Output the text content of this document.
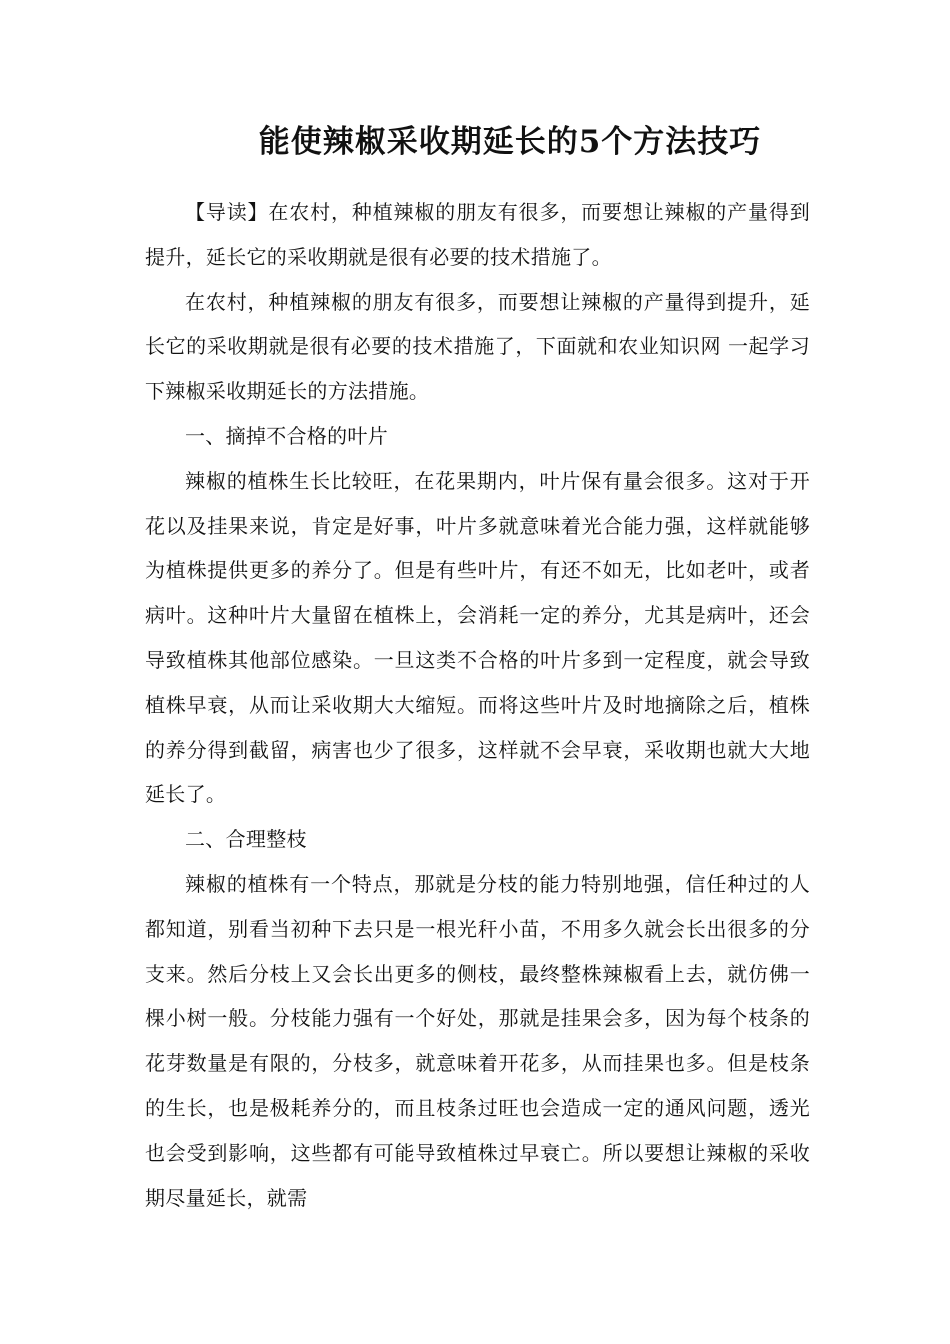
能使辣椒采收期延长的5个方法技巧

【导读】在农村，种植辣椒的朋友有很多，而要想让辣椒的产量得到提升，延长它的采收期就是很有必要的技术措施了。

在农村，种植辣椒的朋友有很多，而要想让辣椒的产量得到提升，延长它的采收期就是很有必要的技术措施了，下面就和农业知识网 一起学习下辣椒采收期延长的方法措施。

一、摘掉不合格的叶片

辣椒的植株生长比较旺，在花果期内，叶片保有量会很多。这对于开花以及挂果来说，肯定是好事，叶片多就意味着光合能力强，这样就能够为植株提供更多的养分了。但是有些叶片，有还不如无，比如老叶，或者病叶。这种叶片大量留在植株上，会消耗一定的养分，尤其是病叶，还会导致植株其他部位感染。一旦这类不合格的叶片多到一定程度，就会导致植株早衰，从而让采收期大大缩短。而将这些叶片及时地摘除之后，植株的养分得到截留，病害也少了很多，这样就不会早衰，采收期也就大大地延长了。

二、合理整枝

辣椒的植株有一个特点，那就是分枝的能力特别地强，信任种过的人都知道，别看当初种下去只是一根光秆小苗，不用多久就会长出很多的分支来。然后分枝上又会长出更多的侧枝，最终整株辣椒看上去，就仿佛一棵小树一般。分枝能力强有一个好处，那就是挂果会多，因为每个枝条的花芽数量是有限的，分枝多，就意味着开花多，从而挂果也多。但是枝条的生长，也是极耗养分的，而且枝条过旺也会造成一定的通风问题，透光也会受到影响，这些都有可能导致植株过早衰亡。所以要想让辣椒的采收期尽量延长，就需
